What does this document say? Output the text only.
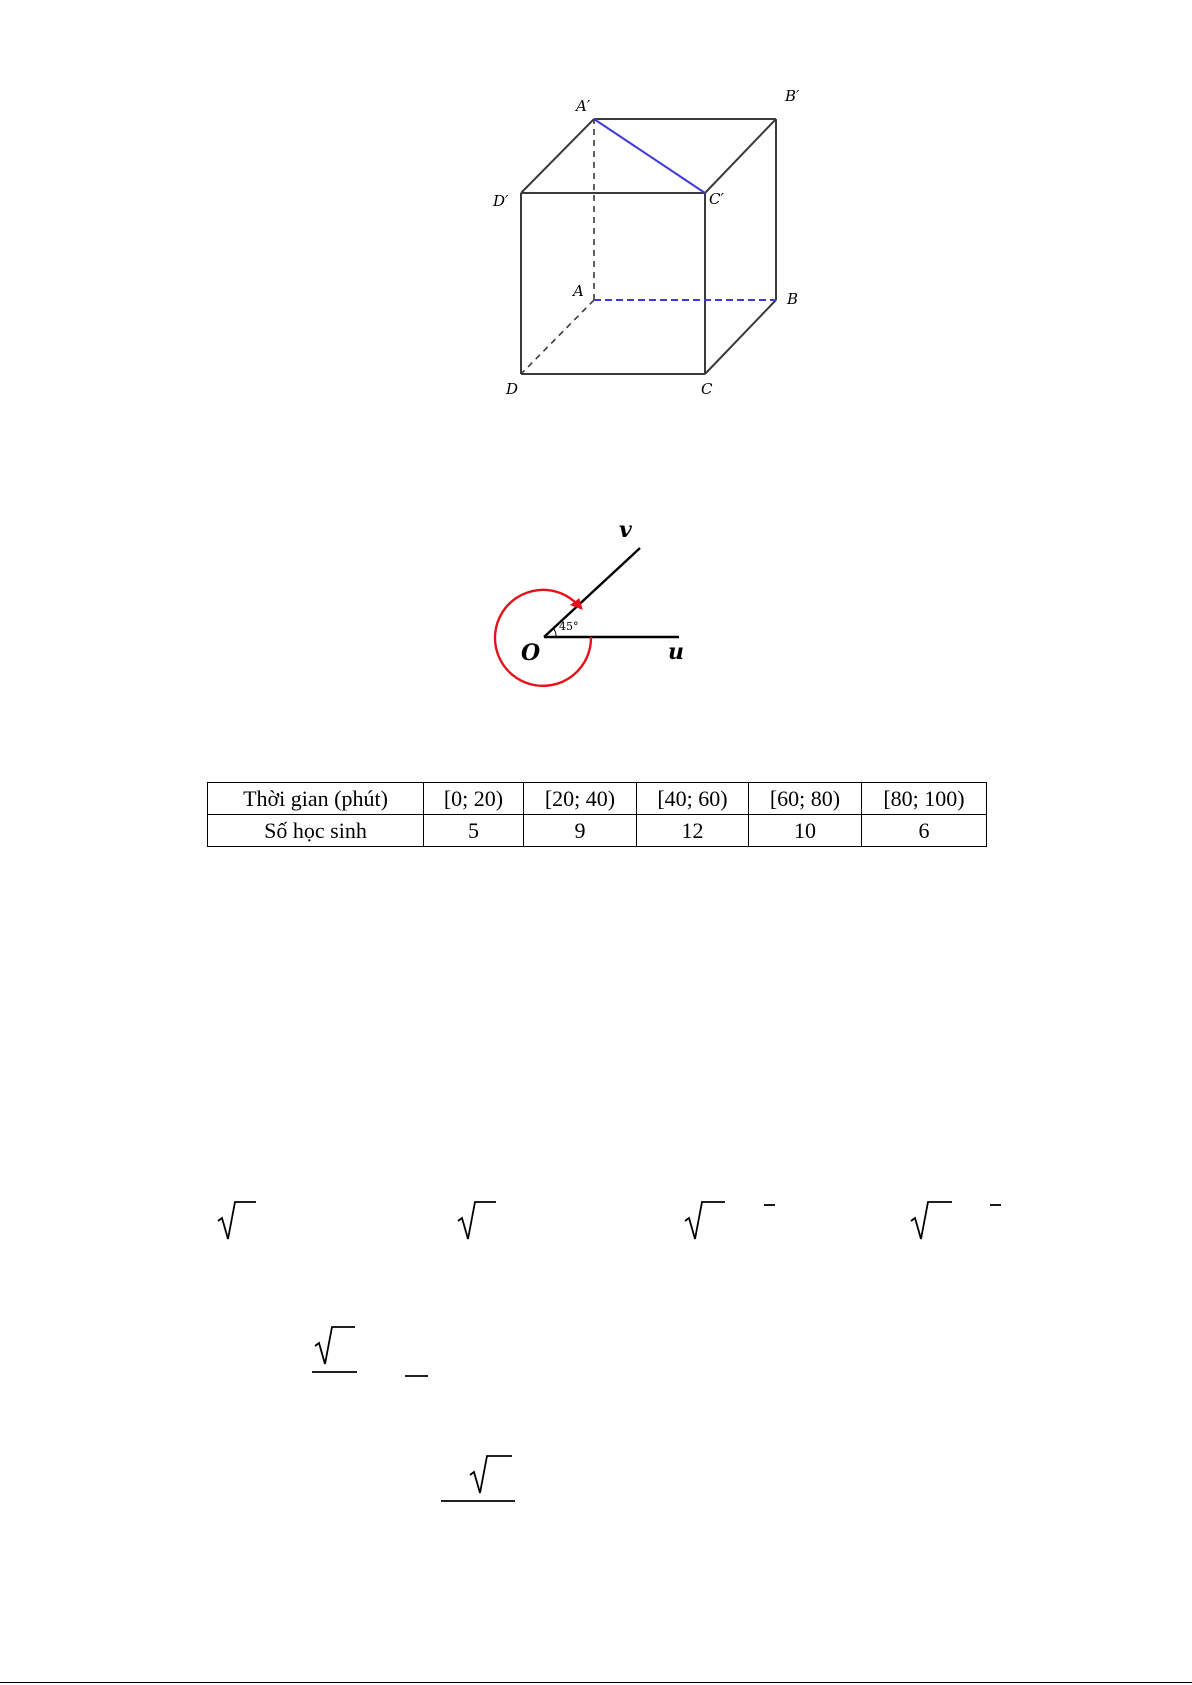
A′
B′
D′	C′
A	B
D	C
v
u
O
45°
Thời gian (phút)	[0; 20)	[20; 40)	[40; 60)	[60; 80)	[80; 100)
Số học sinh	5	9	12	10	6
